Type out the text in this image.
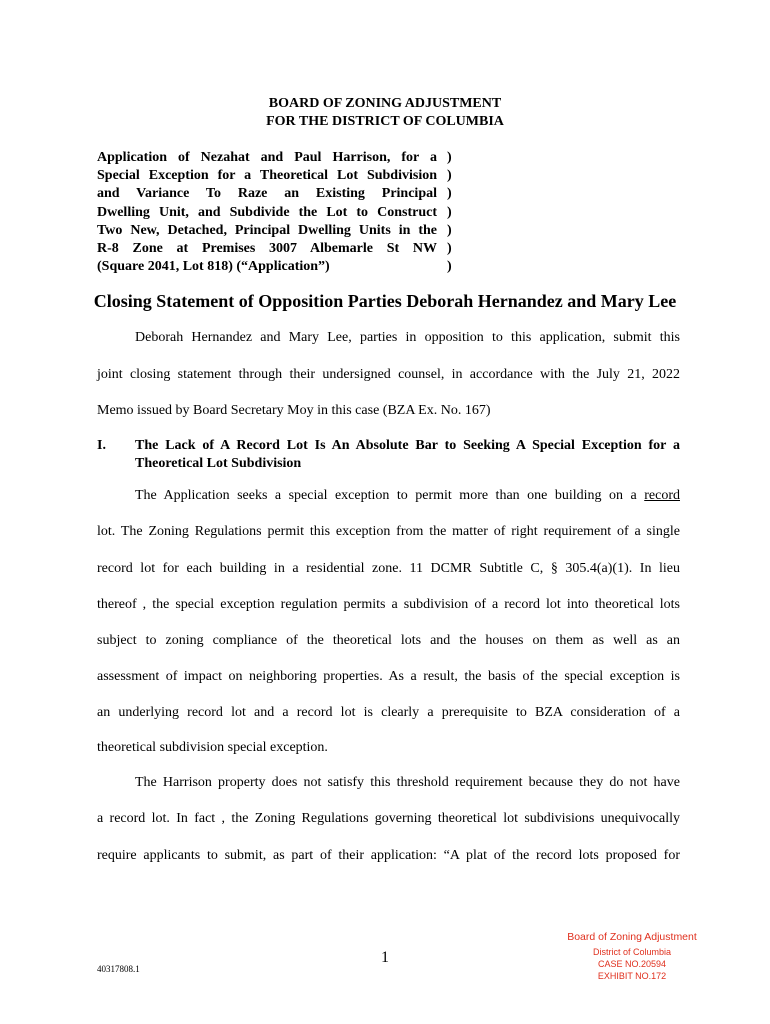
BOARD OF ZONING ADJUSTMENT
FOR THE DISTRICT OF COLUMBIA
Application of Nezahat and Paul Harrison, for a
Special Exception for a Theoretical Lot Subdivision
and Variance To Raze an Existing Principal
Dwelling Unit, and Subdivide the Lot to Construct
Two New, Detached, Principal Dwelling Units in the
R-8 Zone at Premises 3007 Albemarle St NW
(Square 2041, Lot 818) (“Application”)
)
)
)
)
)
)
)
Closing Statement of Opposition Parties Deborah Hernandez and Mary Lee
Deborah Hernandez and Mary Lee, parties in opposition to this application, submit this
joint closing statement through their undersigned counsel, in accordance with the July 21, 2022
Memo issued by Board Secretary Moy in this case (BZA Ex. No. 167)
I. The Lack of A Record Lot Is An Absolute Bar to Seeking A Special Exception for a
Theoretical Lot Subdivision
The Application seeks a special exception to permit more than one building on a record
lot. The Zoning Regulations permit this exception from the matter of right requirement of a single
record lot for each building in a residential zone. 11 DCMR Subtitle C, § 305.4(a)(1). In lieu
thereof , the special exception regulation permits a subdivision of a record lot into theoretical lots
subject to zoning compliance of the theoretical lots and the houses on them as well as an
assessment of impact on neighboring properties. As a result, the basis of the special exception is
an underlying record lot and a record lot is clearly a prerequisite to BZA consideration of a
theoretical subdivision special exception.
The Harrison property does not satisfy this threshold requirement because they do not have
a record lot. In fact , the Zoning Regulations governing theoretical lot subdivisions unequivocally
require applicants to submit, as part of their application: “A plat of the record lots proposed for
1
40317808.1
Board of Zoning Adjustment
District of Columbia
CASE NO.20594
EXHIBIT NO.172
